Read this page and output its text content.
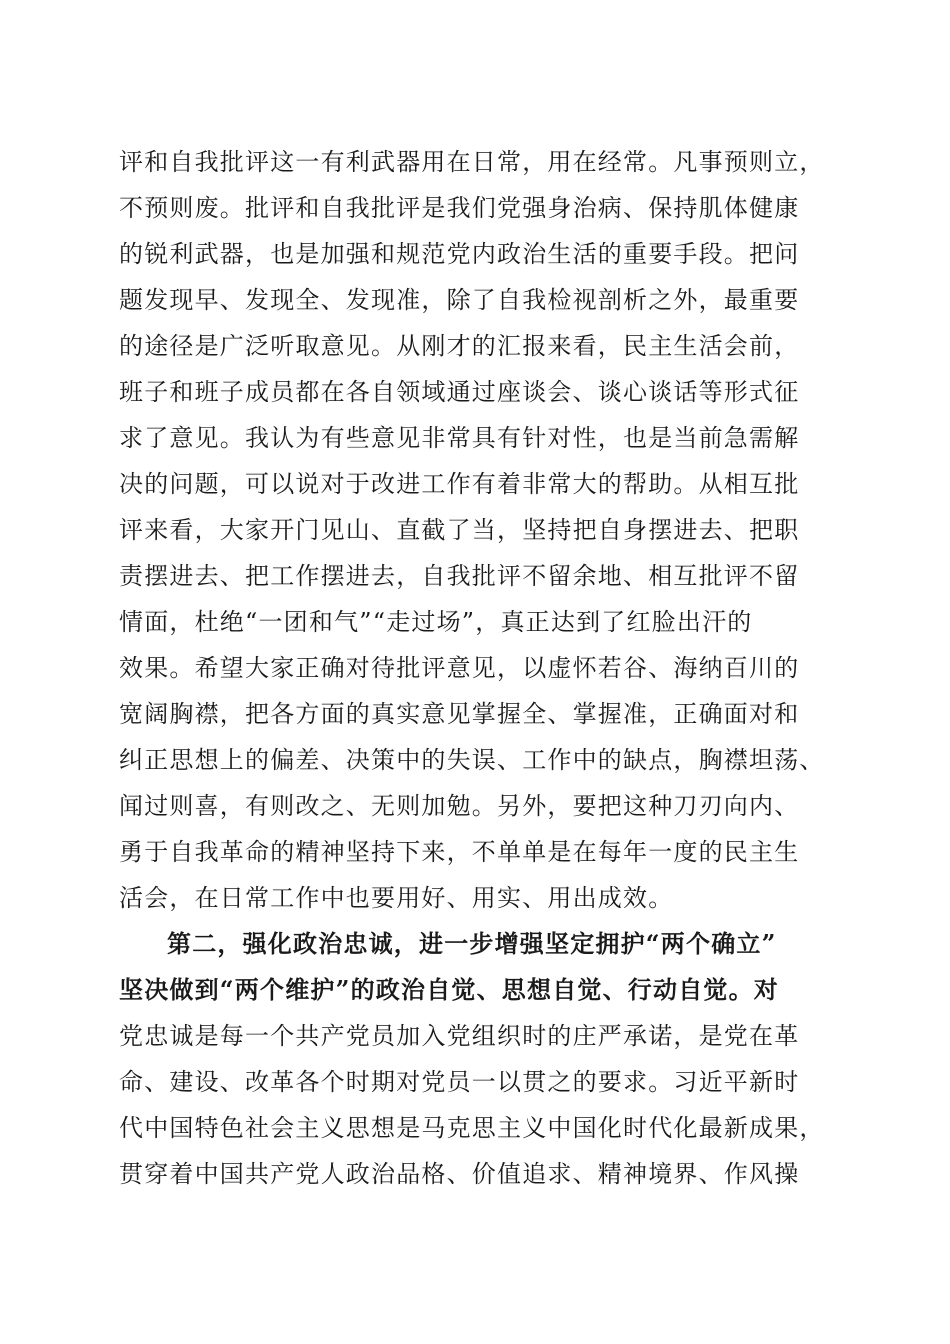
评和自我批评这一有利武器用在日常，用在经常。凡事预则立，
不预则废。批评和自我批评是我们党强身治病、保持肌体健康
的锐利武器，也是加强和规范党内政治生活的重要手段。把问
题发现早、发现全、发现准，除了自我检视剖析之外，最重要
的途径是广泛听取意见。从刚才的汇报来看，民主生活会前，
班子和班子成员都在各自领域通过座谈会、谈心谈话等形式征
求了意见。我认为有些意见非常具有针对性，也是当前急需解
决的问题，可以说对于改进工作有着非常大的帮助。从相互批
评来看，大家开门见山、直截了当，坚持把自身摆进去、把职
责摆进去、把工作摆进去，自我批评不留余地、相互批评不留
情面，杜绝“一团和气”“走过场”，真正达到了红脸出汗的
效果。希望大家正确对待批评意见，以虚怀若谷、海纳百川的
宽阔胸襟，把各方面的真实意见掌握全、掌握准，正确面对和
纠正思想上的偏差、决策中的失误、工作中的缺点，胸襟坦荡、
闻过则喜，有则改之、无则加勉。另外，要把这种刀刃向内、
勇于自我革命的精神坚持下来，不单单是在每年一度的民主生
活会，在日常工作中也要用好、用实、用出成效。
第二，强化政治忠诚，进一步增强坚定拥护“两个确立”
坚决做到“两个维护”的政治自觉、思想自觉、行动自觉。对
党忠诚是每一个共产党员加入党组织时的庄严承诺，是党在革
命、建设、改革各个时期对党员一以贯之的要求。习近平新时
代中国特色社会主义思想是马克思主义中国化时代化最新成果，
贯穿着中国共产党人政治品格、价值追求、精神境界、作风操
